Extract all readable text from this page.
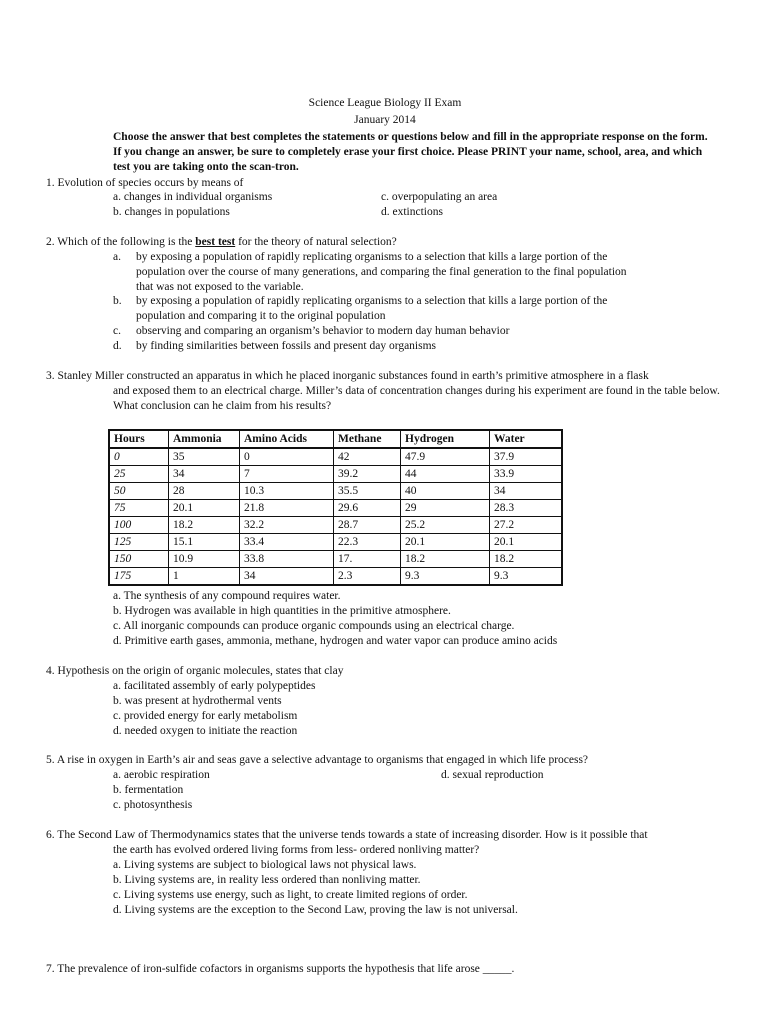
Science League Biology II Exam
January 2014
Choose the answer that best completes the statements or questions below and fill in the appropriate response on the form. If you change an answer, be sure to completely erase your first choice. Please PRINT your name, school, area, and which test you are taking onto the scan-tron.
1. Evolution of species occurs by means of
a. changes in individual organisms
b. changes in populations
c. overpopulating an area
d. extinctions
2. Which of the following is the best test for the theory of natural selection?
a. by exposing a population of rapidly replicating organisms to a selection that kills a large portion of the population over the course of many generations, and comparing the final generation to the final population that was not exposed to the variable.
b. by exposing a population of rapidly replicating organisms to a selection that kills a large portion of the population and comparing it to the original population
c. observing and comparing an organism’s behavior to modern day human behavior
d. by finding similarities between fossils and present day organisms
3. Stanley Miller constructed an apparatus in which he placed inorganic substances found in earth’s primitive atmosphere in a flask
and exposed them to an electrical charge. Miller’s data of concentration changes during his experiment are found in the table below. What conclusion can he claim from his results?
Hours	Ammonia	Amino Acids	Methane	Hydrogen	Water
0	35	0	42	47.9	37.9
25	34	7	39.2	44	33.9
50	28	10.3	35.5	40	34
75	20.1	21.8	29.6	29	28.3
100	18.2	32.2	28.7	25.2	27.2
125	15.1	33.4	22.3	20.1	20.1
150	10.9	33.8	17.	18.2	18.2
175	1	34	2.3	9.3	9.3
a. The synthesis of any compound requires water.
b. Hydrogen was available in high quantities in the primitive atmosphere.
c. All inorganic compounds can produce organic compounds using an electrical charge.
d. Primitive earth gases, ammonia, methane, hydrogen and water vapor can produce amino acids
4. Hypothesis on the origin of organic molecules, states that clay
a. facilitated assembly of early polypeptides
b. was present at hydrothermal vents
c. provided energy for early metabolism
d. needed oxygen to initiate the reaction
5. A rise in oxygen in Earth’s air and seas gave a selective advantage to organisms that engaged in which life process?
a. aerobic respiration
b. fermentation
c. photosynthesis
d. sexual reproduction
6. The Second Law of Thermodynamics states that the universe tends towards a state of increasing disorder. How is it possible that
the earth has evolved ordered living forms from less- ordered nonliving matter?
a. Living systems are subject to biological laws not physical laws.
b. Living systems are, in reality less ordered than nonliving matter.
c. Living systems use energy, such as light, to create limited regions of order.
d. Living systems are the exception to the Second Law, proving the law is not universal.
7. The prevalence of iron-sulfide cofactors in organisms supports the hypothesis that life arose _____.
